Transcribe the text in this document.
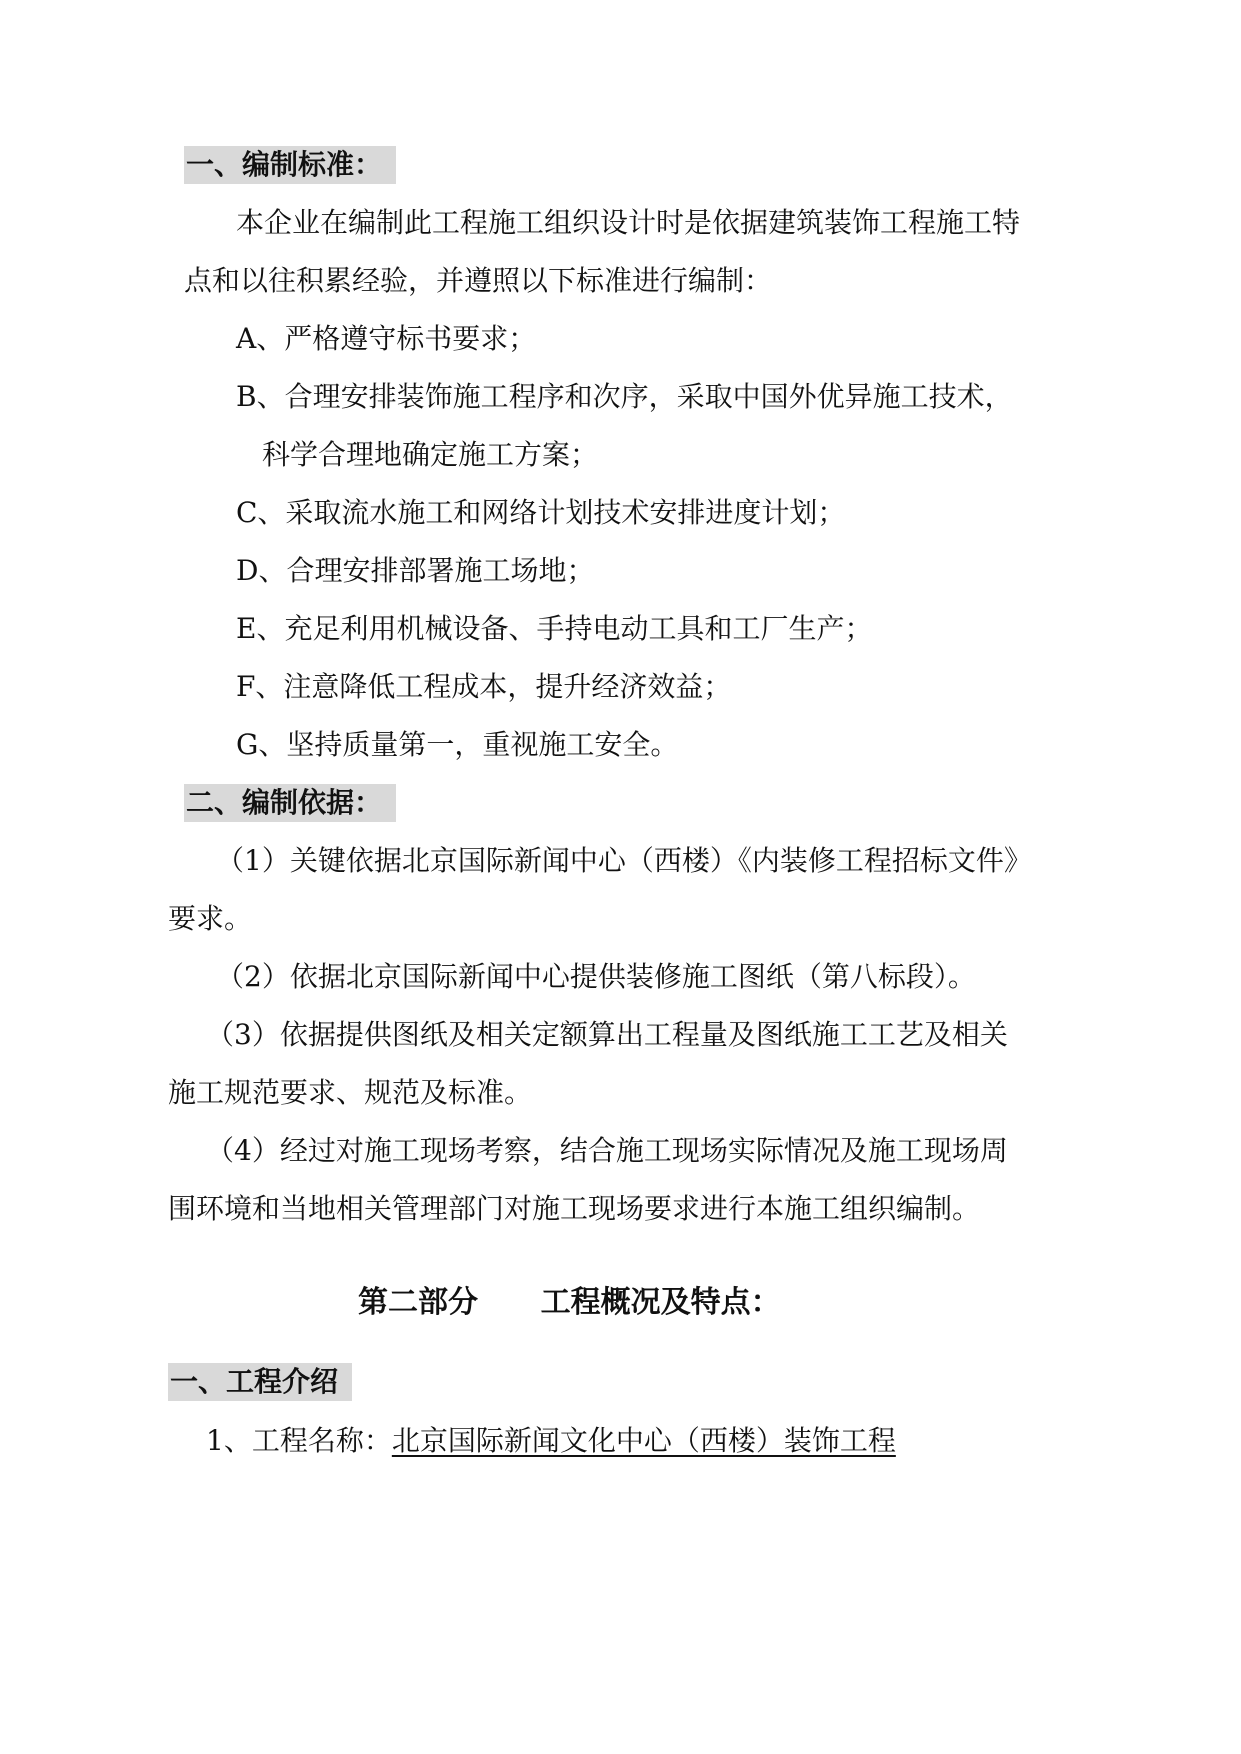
一、编制标准：
本企业在编制此工程施工组织设计时是依据建筑装饰工程施工特
点和以往积累经验，并遵照以下标准进行编制：
A、严格遵守标书要求；
B、合理安排装饰施工程序和次序，采取中国外优异施工技术，
科学合理地确定施工方案；
C、采取流水施工和网络计划技术安排进度计划；
D、合理安排部署施工场地；
E、充足利用机械设备、手持电动工具和工厂生产；
F、注意降低工程成本，提升经济效益；
G、坚持质量第一，重视施工安全。
二、编制依据：
（1）关键依据北京国际新闻中心（西楼）《内装修工程招标文件》
要求。
（2）依据北京国际新闻中心提供装修施工图纸（第八标段）。
（3）依据提供图纸及相关定额算出工程量及图纸施工工艺及相关
施工规范要求、规范及标准。
（4）经过对施工现场考察，结合施工现场实际情况及施工现场周
围环境和当地相关管理部门对施工现场要求进行本施工组织编制。
第二部分      工程概况及特点：
一、工程介绍
1、工程名称：北京国际新闻文化中心（西楼）装饰工程
